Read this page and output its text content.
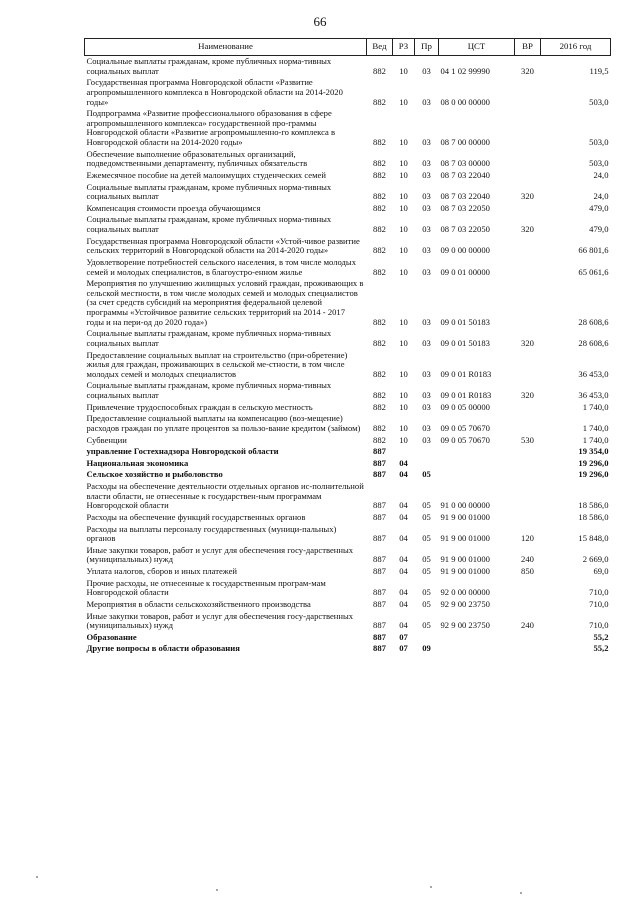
66
Наименование	Вед	РЗ	Пр	ЦСТ	ВР	2016 год
Социальные выплаты гражданам, кроме публичных норма-тивных социальных выплат	882	10	03	04 1 02 99990	320	119,5
Государственная программа Новгородской области «Развитие агропромышленного комплекса в Новгородской области на 2014-2020 годы»	882	10	03	08 0 00 00000		503,0
Подпрограмма «Развитие профессионального образования в сфере агропромышленного комплекса» государственной про-граммы Новгородской области «Развитие агропромышленно-го комплекса в Новгородской области на 2014-2020 годы»	882	10	03	08 7 00 00000		503,0
Обеспечение выполнение образовательных организаций, подведомственными департаменту, публичных обязательств	882	10	03	08 7 03 00000		503,0
Ежемесячное пособие на детей малоимущих студенческих семей	882	10	03	08 7 03 22040		24,0
Социальные выплаты гражданам, кроме публичных норма-тивных социальных выплат	882	10	03	08 7 03 22040	320	24,0
Компенсация стоимости проезда обучающимся	882	10	03	08 7 03 22050		479,0
Социальные выплаты гражданам, кроме публичных норма-тивных социальных выплат	882	10	03	08 7 03 22050	320	479,0
Государственная программа Новгородской области «Устой-чивое развитие сельских территорий в Новгородской области на 2014-2020 годы»	882	10	03	09 0 00 00000		66 801,6
Удовлетворение потребностей сельского населения, в том числе молодых семей и молодых специалистов, в благоустро-енном жилье	882	10	03	09 0 01 00000		65 061,6
Мероприятия по улучшению жилищных условий граждан, проживающих в сельской местности, в том числе молодых семей и молодых специалистов (за счет средств субсидий на мероприятия федеральной целевой программы «Устойчивое развитие сельских территорий на 2014 - 2017 годы и на пери-од до 2020 года»)	882	10	03	09 0 01 50183		28 608,6
Социальные выплаты гражданам, кроме публичных норма-тивных социальных выплат	882	10	03	09 0 01 50183	320	28 608,6
Предоставление социальных выплат на строительство (при-обретение) жилья для граждан, проживающих в сельской ме-стности, в том числе молодых семей и молодых специалистов	882	10	03	09 0 01 R0183		36 453,0
Социальные выплаты гражданам, кроме публичных норма-тивных социальных выплат	882	10	03	09 0 01 R0183	320	36 453,0
Привлечение трудоспособных граждан в сельскую местность	882	10	03	09 0 05 00000		1 740,0
Предоставление социальной выплаты на компенсацию (воз-мещение) расходов граждан по уплате процентов за пользо-вание кредитом (займом)	882	10	03	09 0 05 70670		1 740,0
Субвенции	882	10	03	09 0 05 70670	530	1 740,0
управление Гостехнадзора Новгородской области	887					19 354,0
Национальная экономика	887	04				19 296,0
Сельское хозяйство и рыболовство	887	04	05			19 296,0
Расходы на обеспечение деятельности отдельных органов ис-полнительной власти области, не отнесенные к государствен-ным программам Новгородской области	887	04	05	91 0 00 00000		18 586,0
Расходы на обеспечение функций государственных органов	887	04	05	91 9 00 01000		18 586,0
Расходы на выплаты персоналу государственных (муници-пальных) органов	887	04	05	91 9 00 01000	120	15 848,0
Иные закупки товаров, работ и услуг для обеспечения госу-дарственных (муниципальных) нужд	887	04	05	91 9 00 01000	240	2 669,0
Уплата налогов, сборов и иных платежей	887	04	05	91 9 00 01000	850	69,0
Прочие расходы, не отнесенные к государственным програм-мам Новгородской области	887	04	05	92 0 00 00000		710,0
Мероприятия в области сельскохозяйственного производства	887	04	05	92 9 00 23750		710,0
Иные закупки товаров, работ и услуг для обеспечения госу-дарственных (муниципальных) нужд	887	04	05	92 9 00 23750	240	710,0
Образование	887	07				55,2
Другие вопросы в области образования	887	07	09			55,2
